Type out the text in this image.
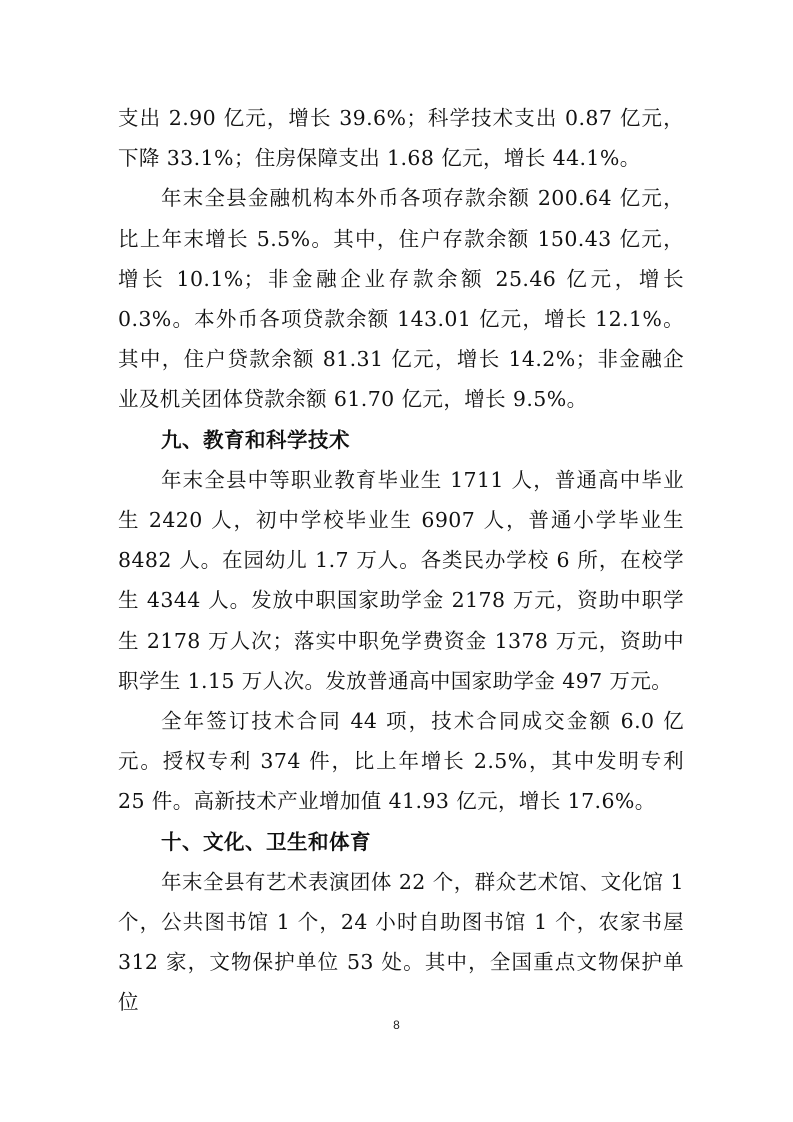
支出 2.90 亿元，增长 39.6%；科学技术支出 0.87 亿元，下降 33.1%；住房保障支出 1.68 亿元，增长 44.1%。

年末全县金融机构本外币各项存款余额 200.64 亿元，比上年末增长 5.5%。其中，住户存款余额 150.43 亿元，增长 10.1%；非金融企业存款余额 25.46 亿元，增长 0.3%。本外币各项贷款余额 143.01 亿元，增长 12.1%。其中，住户贷款余额 81.31 亿元，增长 14.2%；非金融企业及机关团体贷款余额 61.70 亿元，增长 9.5%。

九、教育和科学技术

年末全县中等职业教育毕业生 1711 人，普通高中毕业生 2420 人，初中学校毕业生 6907 人，普通小学毕业生 8482 人。在园幼儿 1.7 万人。各类民办学校 6 所，在校学生 4344 人。发放中职国家助学金 2178 万元，资助中职学生 2178 万人次；落实中职免学费资金 1378 万元，资助中职学生 1.15 万人次。发放普通高中国家助学金 497 万元。

全年签订技术合同 44 项，技术合同成交金额 6.0 亿元。授权专利 374 件，比上年增长 2.5%，其中发明专利 25 件。高新技术产业增加值 41.93 亿元，增长 17.6%。

十、文化、卫生和体育

年末全县有艺术表演团体 22 个，群众艺术馆、文化馆 1 个，公共图书馆 1 个，24 小时自助图书馆 1 个，农家书屋 312 家，文物保护单位 53 处。其中，全国重点文物保护单位

8
